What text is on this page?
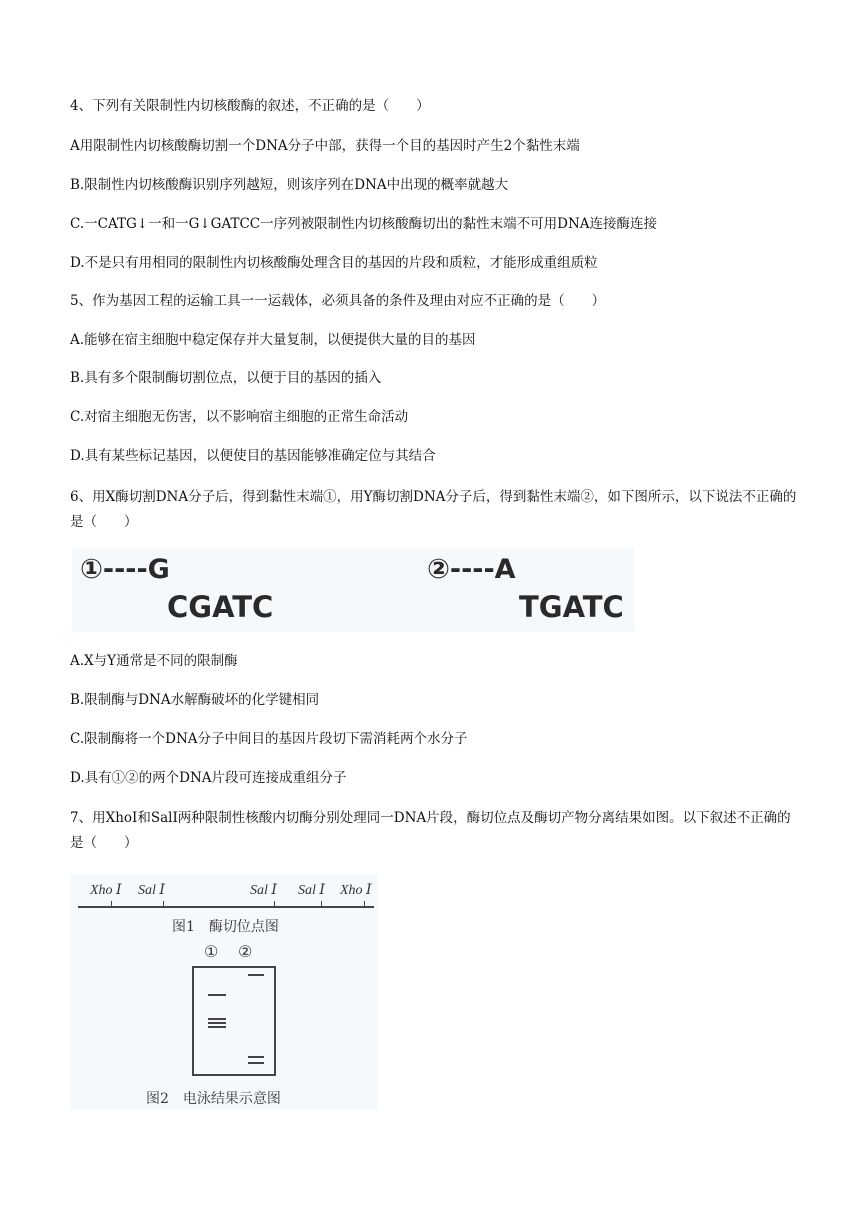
4、下列有关限制性内切核酸酶的叙述，不正确的是（　　）
A用限制性内切核酸酶切割一个DNA分子中部，获得一个目的基因时产生2个黏性末端
B.限制性内切核酸酶识别序列越短，则该序列在DNA中出现的概率就越大
C.一CATG↓一和一G↓GATCC一序列被限制性内切核酸酶切出的黏性末端不可用DNA连接酶连接
D.不是只有用相同的限制性内切核酸酶处理含目的基因的片段和质粒，才能形成重组质粒
5、作为基因工程的运输工具一一运载体，必须具备的条件及理由对应不正确的是（　　）
A.能够在宿主细胞中稳定保存并大量复制，以便提供大量的目的基因
B.具有多个限制酶切割位点，以便于目的基因的插入
C.对宿主细胞无伤害，以不影响宿主细胞的正常生命活动
D.具有某些标记基因，以便使目的基因能够准确定位与其结合
6、用X酶切割DNA分子后，得到黏性末端①，用Y酶切割DNA分子后，得到黏性末端②，如下图所示，以下说法不正确的是（　　）
①----G
CGATC
②----A
TGATC
A.X与Y通常是不同的限制酶
B.限制酶与DNA水解酶破坏的化学键相同
C.限制酶将一个DNA分子中间目的基因片段切下需消耗两个水分子
D.具有①②的两个DNA片段可连接成重组分子
7、用XhoI和SalI两种限制性核酸内切酶分别处理同一DNA片段，酶切位点及酶切产物分离结果如图。以下叙述不正确的是（　　）
Xho Ⅰ Sal Ⅰ	Sal Ⅰ Sal Ⅰ Xho Ⅰ
图1　酶切位点图
① ②
图2　电泳结果示意图
